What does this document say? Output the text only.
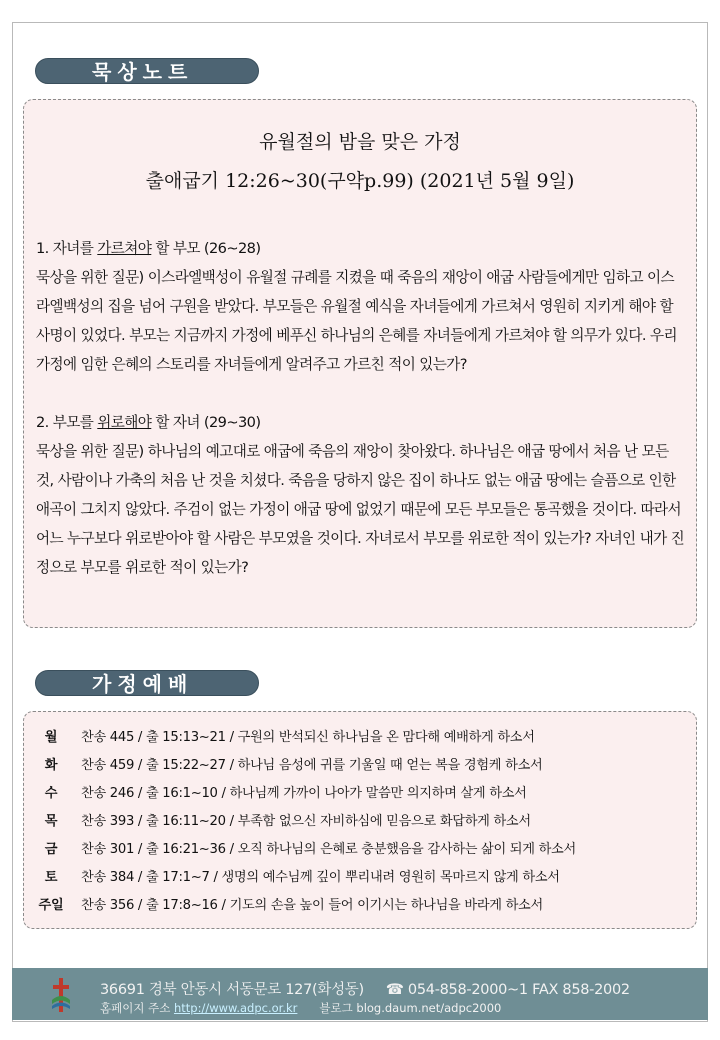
묵상노트
유월절의 밤을 맞은 가정
출애굽기 12:26~30(구약p.99) (2021년 5월 9일)

1. 자녀를 가르쳐야 할 부모 (26~28)

묵상을 위한 질문) 이스라엘백성이 유월절 규례를 지켰을 때 죽음의 재앙이 애굽 사람들에게만 임하고 이스라엘백성의 집을 넘어 구원을 받았다. 부모들은 유월절 예식을 자녀들에게 가르쳐서 영원히 지키게 해야 할 사명이 있었다. 부모는 지금까지 가정에 베푸신 하나님의 은혜를 자녀들에게 가르쳐야 할 의무가 있다. 우리 가정에 임한 은혜의 스토리를 자녀들에게 알려주고 가르친 적이 있는가?

2. 부모를 위로해야 할 자녀 (29~30)

묵상을 위한 질문) 하나님의 예고대로 애굽에 죽음의 재앙이 찾아왔다. 하나님은 애굽 땅에서 처음 난 모든 것, 사람이나 가축의 처음 난 것을 치셨다. 죽음을 당하지 않은 집이 하나도 없는 애굽 땅에는 슬픔으로 인한 애곡이 그치지 않았다. 주검이 없는 가정이 애굽 땅에 없었기 때문에 모든 부모들은 통곡했을 것이다. 따라서 어느 누구보다 위로받아야 할 사람은 부모였을 것이다. 자녀로서 부모를 위로한 적이 있는가? 자녀인 내가 진정으로 부모를 위로한 적이 있는가?

가정예배
월	찬송 445 / 출 15:13~21 / 구원의 반석되신 하나님을 온 맘다해 예배하게 하소서
화	찬송 459 / 출 15:22~27 / 하나님 음성에 귀를 기울일 때 얻는 복을 경험케 하소서
수	찬송 246 / 출 16:1~10 / 하나님께 가까이 나아가 말씀만 의지하며 살게 하소서
목	찬송 393 / 출 16:11~20 / 부족함 없으신 자비하심에 믿음으로 화답하게 하소서
금	찬송 301 / 출 16:21~36 / 오직 하나님의 은혜로 충분했음을 감사하는 삶이 되게 하소서
토	찬송 384 / 출 17:1~7 / 생명의 예수님께 깊이 뿌리내려 영원히 목마르지 않게 하소서
주일	찬송 356 / 출 17:8~16 / 기도의 손을 높이 들어 이기시는 하나님을 바라게 하소서
36691 경북 안동시 서동문로 127(화성동) ☎ 054-858-2000~1 FAX 858-2002
홈페이지 주소 http://www.adpc.or.kr 블로그 blog.daum.net/adpc2000
